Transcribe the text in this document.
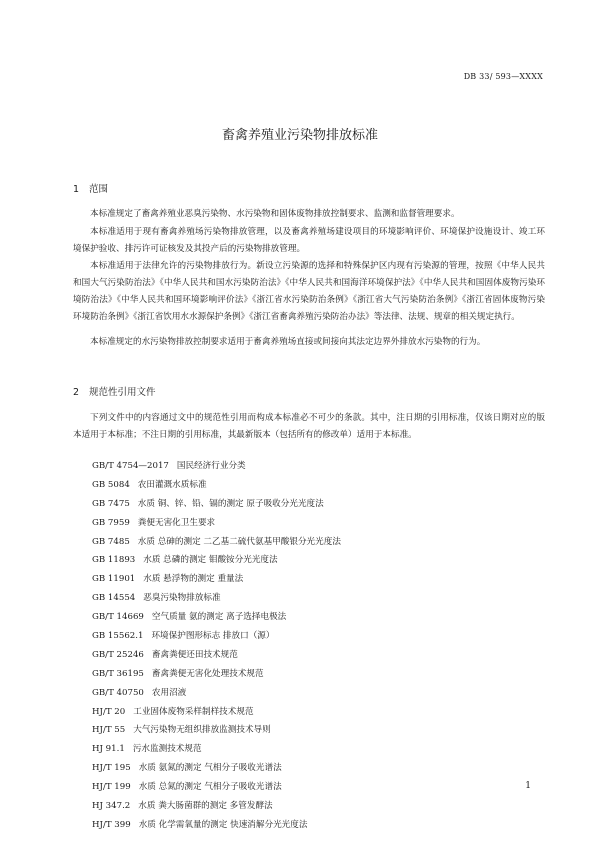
DB 33/ 593—XXXX
畜禽养殖业污染物排放标准
1 范围

本标准规定了畜禽养殖业恶臭污染物、水污染物和固体废物排放控制要求、监测和监督管理要求。

本标准适用于现有畜禽养殖场污染物排放管理，以及畜禽养殖场建设项目的环境影响评价、环境保护设施设计、竣工环境保护验收、排污许可证核发及其投产后的污染物排放管理。

本标准适用于法律允许的污染物排放行为。新设立污染源的选择和特殊保护区内现有污染源的管理，按照《中华人民共和国大气污染防治法》《中华人民共和国水污染防治法》《中华人民共和国海洋环境保护法》《中华人民共和国固体废物污染环境防治法》《中华人民共和国环境影响评价法》《浙江省水污染防治条例》《浙江省大气污染防治条例》《浙江省固体废物污染环境防治条例》《浙江省饮用水水源保护条例》《浙江省畜禽养殖污染防治办法》等法律、法规、规章的相关规定执行。

本标准规定的水污染物排放控制要求适用于畜禽养殖场直接或间接向其法定边界外排放水污染物的行为。

2 规范性引用文件

下列文件中的内容通过文中的规范性引用而构成本标准必不可少的条款。其中，注日期的引用标准，仅该日期对应的版本适用于本标准；不注日期的引用标准，其最新版本（包括所有的修改单）适用于本标准。

GB/T 4754—2017 国民经济行业分类
GB 5084 农田灌溉水质标准
GB 7475 水质 铜、锌、铅、镉的测定 原子吸收分光光度法
GB 7959 粪便无害化卫生要求
GB 7485 水质 总砷的测定 二乙基二硫代氨基甲酸银分光光度法
GB 11893 水质 总磷的测定 钼酸铵分光光度法
GB 11901 水质 悬浮物的测定 重量法
GB 14554 恶臭污染物排放标准
GB/T 14669 空气质量 氨的测定 离子选择电极法
GB 15562.1 环境保护图形标志 排放口（源）
GB/T 25246 畜禽粪便还田技术规范
GB/T 36195 畜禽粪便无害化处理技术规范
GB/T 40750 农用沼液
HJ/T 20 工业固体废物采样制样技术规范
HJ/T 55 大气污染物无组织排放监测技术导则
HJ 91.1 污水监测技术规范
HJ/T 195 水质 氨氮的测定 气相分子吸收光谱法
HJ/T 199 水质 总氮的测定 气相分子吸收光谱法
HJ 347.2 水质 粪大肠菌群的测定 多管发酵法
HJ/T 399 水质 化学需氧量的测定 快速消解分光光度法
1
